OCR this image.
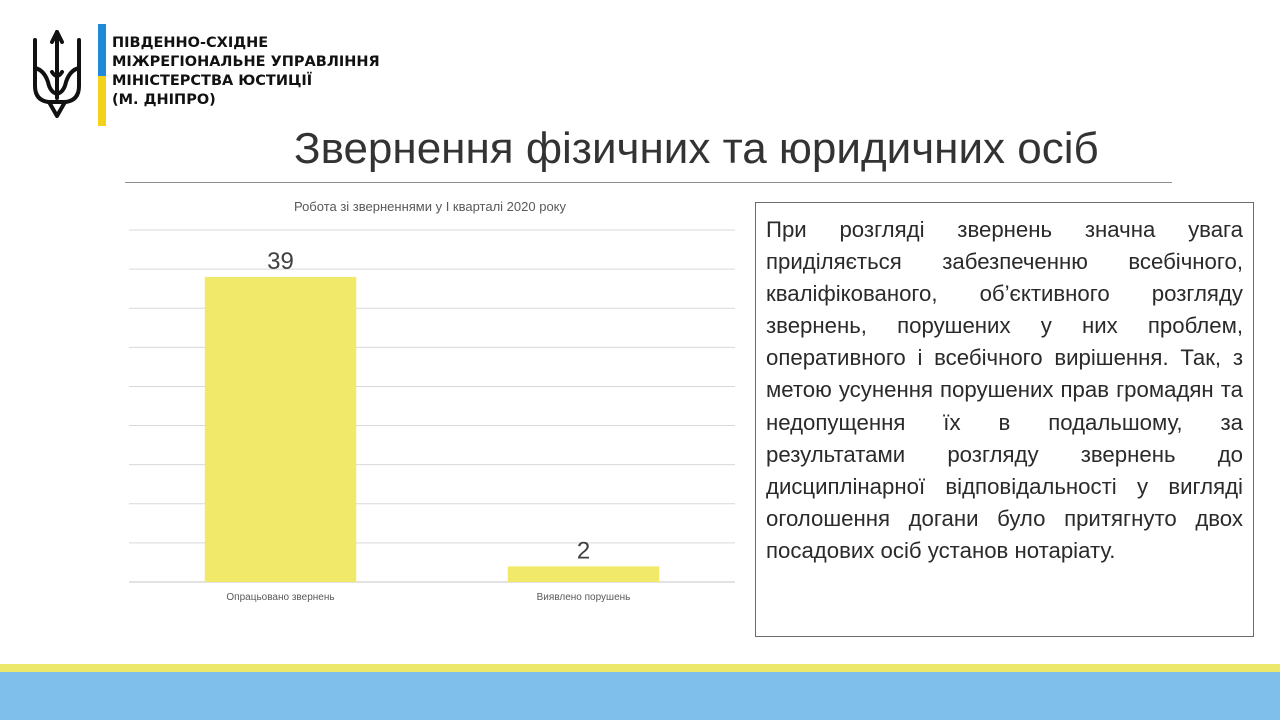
ПІВДЕННО-СХІДНЕ
МІЖРЕГІОНАЛЬНЕ УПРАВЛІННЯ
МІНІСТЕРСТВА ЮСТИЦІЇ
(М. ДНІПРО)
Звернення фізичних та юридичних осіб
Робота зі зверненнями у І кварталі 2020 року
39
Опрацьовано звернень
2
Виявлено порушень

При розгляді звернень значна увага приділяється забезпеченню всебічного, кваліфікованого, об’єктивного розгляду звернень, порушених у них проблем, оперативного і всебічного вирішення. Так, з метою усунення порушених прав громадян та недопущення їх в подальшому, за результатами розгляду звернень до дисциплінарної відповідальності у вигляді оголошення догани було притягнуто двох посадових осіб установ нотаріату.
